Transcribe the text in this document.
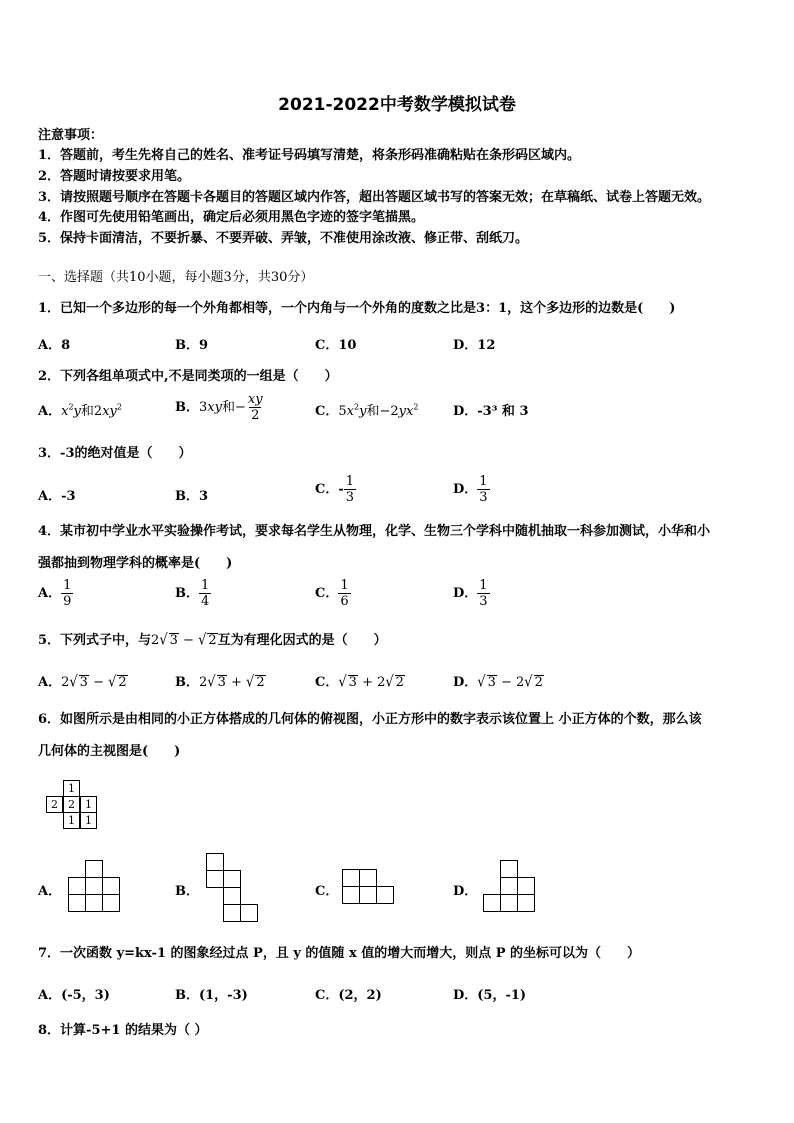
2021-2022中考数学模拟试卷
注意事项：
1．答题前，考生先将自己的姓名、准考证号码填写清楚，将条形码准确粘贴在条形码区域内。
2．答题时请按要求用笔。
3．请按照题号顺序在答题卡各题目的答题区域内作答，超出答题区域书写的答案无效；在草稿纸、试卷上答题无效。
4．作图可先使用铅笔画出，确定后必须用黑色字迹的签字笔描黑。
5．保持卡面清洁，不要折暴、不要弄破、弄皱，不准使用涂改液、修正带、刮纸刀。
一、选择题（共10小题，每小题3分，共30分）
1．已知一个多边形的每一个外角都相等，一个内角与一个外角的度数之比是3：1，这个多边形的边数是(　　)
A．8	B．9	C．10	D．12
2．下列各组单项式中,不是同类项的一组是（　　）
A．$x^2y$和$2xy^2$	B．3xy和− $\frac{xy}{2}$	C．$5x^2y$和$-2yx^2$	D．-3³ 和 3
3．-3的绝对值是（　　）
A．-3	B．3	C．- $\frac{1}{3}$	D． $\frac{1}{3}$
4．某市初中学业水平实验操作考试，要求每名学生从物理，化学、生物三个学科中随机抽取一科参加测试，小华和小
强都抽到物理学科的概率是(　　)
A． $\frac{1}{9}$	B． $\frac{1}{4}$	C． $\frac{1}{6}$	D． $\frac{1}{3}$
5．下列式子中，与2√ 3 − √ 2互为有理化因式的是（　　）
A．2√ 3 − √ 2	B．2√ 3 + √ 2	C．√ 3 + 2√ 2	D．√ 3 − 2√ 2
6．如图所示是由相同的小正方体搭成的几何体的俯视图，小正方形中的数字表示该位置上 小正方体的个数，那么该
几何体的主视图是(　　)
1
2 2 1
1 1
A．	B．	C．	D．
7．一次函数 y=kx-1 的图象经过点 P，且 y 的值随 x 值的增大而增大，则点 P 的坐标可以为（　　）
A．(-5，3)	B．(1，-3)	C．(2，2)	D．(5，-1)
8．计算-5+1 的结果为（ ）
